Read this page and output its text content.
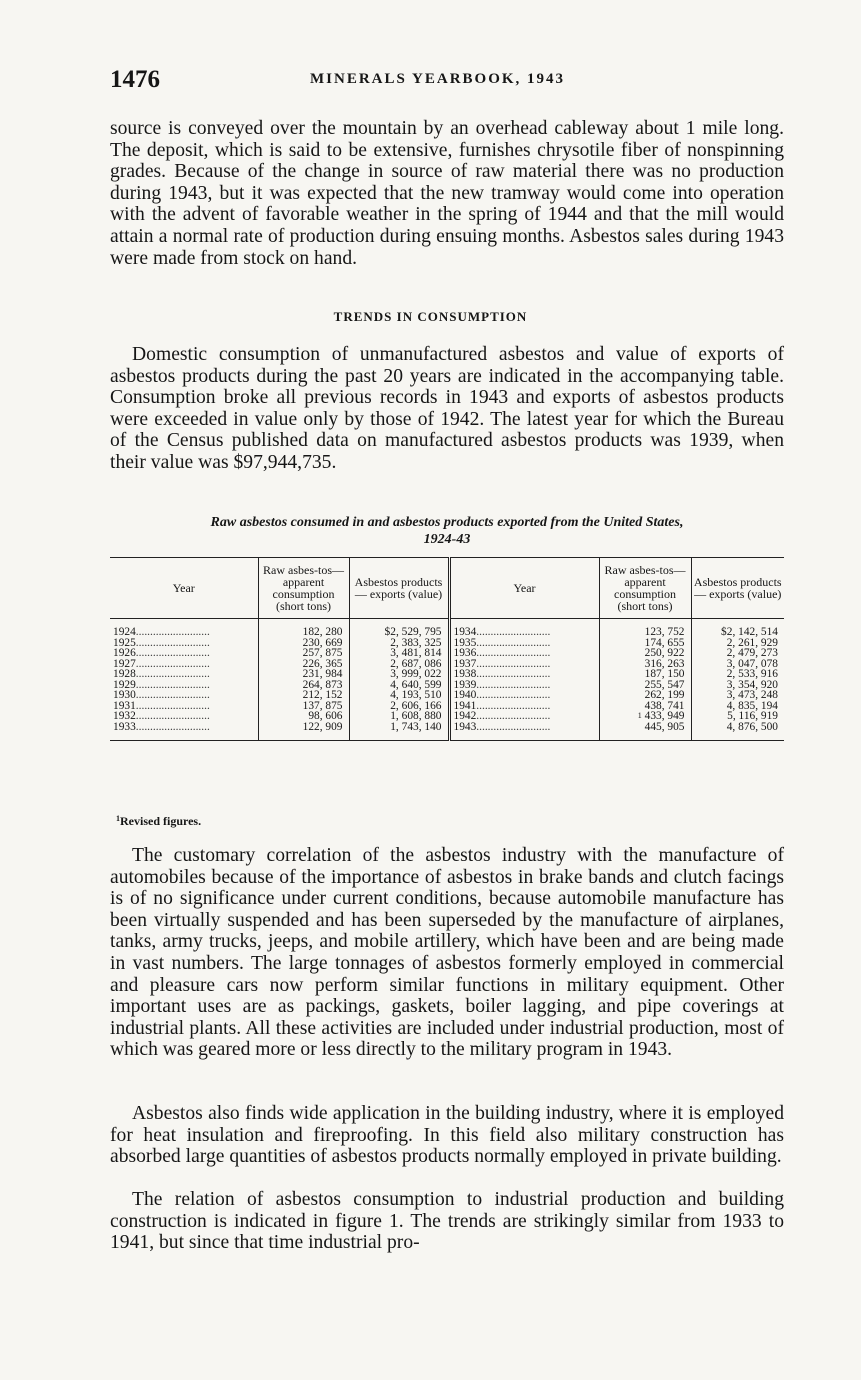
1476	MINERALS YEARBOOK, 1943

source is conveyed over the mountain by an overhead cableway about 1 mile long. The deposit, which is said to be extensive, furnishes chrysotile fiber of nonspinning grades. Because of the change in source of raw material there was no production during 1943, but it was expected that the new tramway would come into operation with the advent of favorable weather in the spring of 1944 and that the mill would attain a normal rate of production during ensuing months. Asbestos sales during 1943 were made from stock on hand.

TRENDS IN CONSUMPTION

Domestic consumption of unmanufactured asbestos and value of exports of asbestos products during the past 20 years are indicated in the accompanying table. Consumption broke all previous records in 1943 and exports of asbestos products were exceeded in value only by those of 1942. The latest year for which the Bureau of the Census published data on manufactured asbestos products was 1939, when their value was $97,944,735.

Raw asbestos consumed in and asbestos products exported from the United States,
1924-43
Year	Raw asbes-tos— apparent consumption (short tons)	Asbestos products— exports (value)	Year	Raw asbes-tos— apparent consumption (short tons)	Asbestos products— exports (value)
1924..........................	182, 280	$2, 529, 795	1934..........................	123, 752	$2, 142, 514
1925..........................	230, 669	2, 383, 325	1935..........................	174, 655	2, 261, 929
1926..........................	257, 875	3, 481, 814	1936..........................	250, 922	2, 479, 273
1927..........................	226, 365	2, 687, 086	1937..........................	316, 263	3, 047, 078
1928..........................	231, 984	3, 999, 022	1938..........................	187, 150	2, 533, 916
1929..........................	264, 873	4, 640, 599	1939..........................	255, 547	3, 354, 920
1930..........................	212, 152	4, 193, 510	1940..........................	262, 199	3, 473, 248
1931..........................	137, 875	2, 606, 166	1941..........................	438, 741	4, 835, 194
1932..........................	98, 606	1, 608, 880	1942..........................	$^1$ 433, 949	5, 116, 919
1933..........................	122, 909	1, 743, 140	1943..........................	445, 905	4, 876, 500
$^1$Revised figures.

The customary correlation of the asbestos industry with the manufacture of automobiles because of the importance of asbestos in brake bands and clutch facings is of no significance under current conditions, because automobile manufacture has been virtually suspended and has been superseded by the manufacture of airplanes, tanks, army trucks, jeeps, and mobile artillery, which have been and are being made in vast numbers. The large tonnages of asbestos formerly employed in commercial and pleasure cars now perform similar functions in military equipment. Other important uses are as packings, gaskets, boiler lagging, and pipe coverings at industrial plants. All these activities are included under industrial production, most of which was geared more or less directly to the military program in 1943.

Asbestos also finds wide application in the building industry, where it is employed for heat insulation and fireproofing. In this field also military construction has absorbed large quantities of asbestos products normally employed in private building.

The relation of asbestos consumption to industrial production and building construction is indicated in figure 1. The trends are strikingly similar from 1933 to 1941, but since that time industrial pro-
